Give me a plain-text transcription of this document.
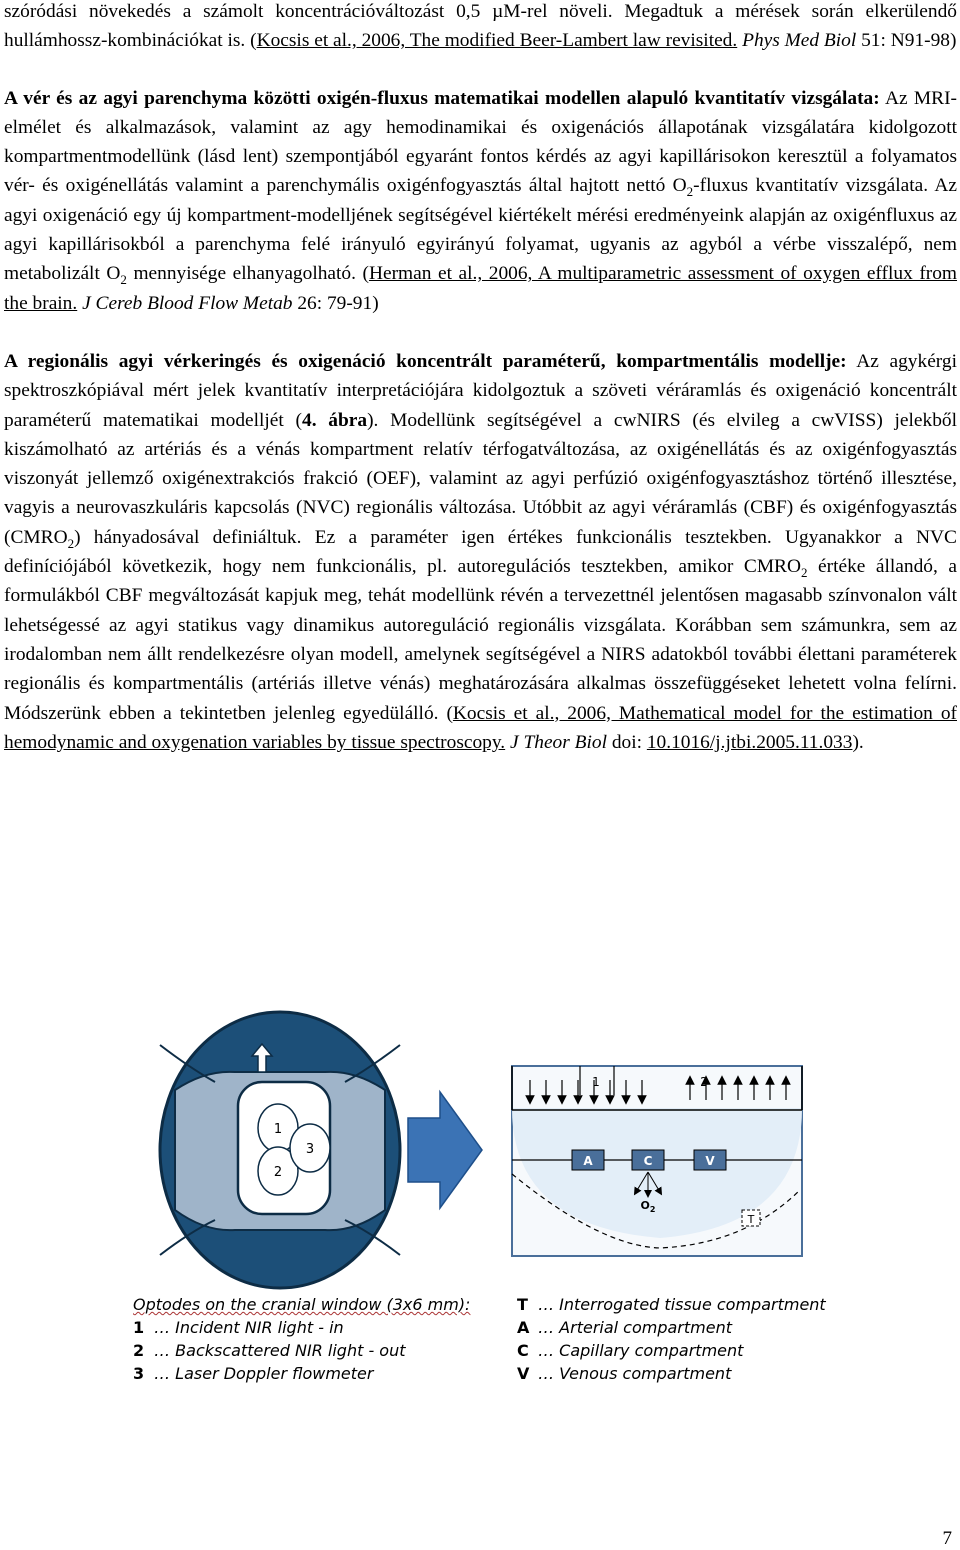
szóródási növekedés a számolt koncentrációváltozást 0,5 µM-rel növeli. Megadtuk a mérések során elkerülendő hullámhossz-kombinációkat is. (Kocsis et al., 2006, The modified Beer-Lambert law revisited. Phys Med Biol 51: N91-98)

A vér és az agyi parenchyma közötti oxigén-fluxus matematikai modellen alapuló kvantitatív vizsgálata: Az MRI-elmélet és alkalmazások, valamint az agy hemodinamikai és oxigenációs állapotának vizsgálatára kidolgozott kompartmentmodellünk (lásd lent) szempontjából egyaránt fontos kérdés az agyi kapillárisokon keresztül a folyamatos vér- és oxigénellátás valamint a parenchymális oxigénfogyasztás által hajtott nettó $O_2$-fluxus kvantitatív vizsgálata. Az agyi oxigenáció egy új kompartment-modelljének segítségével kiértékelt mérési eredményeink alapján az oxigénfluxus az agyi kapillárisokból a parenchyma felé irányuló egyirányú folyamat, ugyanis az agyból a vérbe visszalépő, nem metabolizált $O_2$ mennyisége elhanyagolható. (Herman et al., 2006, A multiparametric assessment of oxygen efflux from the brain. J Cereb Blood Flow Metab 26: 79-91)

A regionális agyi vérkeringés és oxigenáció koncentrált paraméterű, kompartmentális modellje: Az agykérgi spektroszkópiával mért jelek kvantitatív interpretációjára kidolgoztuk a szöveti véráramlás és oxigenáció koncentrált paraméterű matematikai modelljét (4. ábra). Modellünk segítségével a cwNIRS (és elvileg a cwVISS) jelekből kiszámolható az artériás és a vénás kompartment relatív térfogatváltozása, az oxigénellátás és az oxigénfogyasztás viszonyát jellemző oxigénextrakciós frakció (OEF), valamint az agyi perfúzió oxigénfogyasztáshoz történő illesztése, vagyis a neurovaszkuláris kapcsolás (NVC) regionális változása. Utóbbit az agyi véráramlás (CBF) és oxigénfogyasztás $(CMRO_2)$ hányadosával definiáltuk. Ez a paraméter igen értékes funkcionális tesztekben. Ugyanakkor a NVC definíciójából következik, hogy nem funkcionális, pl. autoregulációs tesztekben, amikor $CMRO_2$ értéke állandó, a formulákból CBF megváltozását kapjuk meg, tehát modellünk révén a tervezettnél jelentősen magasabb színvonalon vált lehetségessé az agyi statikus vagy dinamikus autoreguláció regionális vizsgálata. Korábban sem számunkra, sem az irodalomban nem állt rendelkezésre olyan modell, amelynek segítségével a NIRS adatokból további élettani paraméterek regionális és kompartmentális (artériás illetve vénás) meghatározására alkalmas összefüggéseket lehetett volna felírni. Módszerünk ebben a tekintetben jelenleg egyedülálló. (Kocsis et al., 2006, Mathematical model for the estimation of hemodynamic and oxygenation variables by tissue spectroscopy. J Theor Biol doi: 10.1016/j.jtbi.2005.11.033).

1
3
2
1	2
A	C	V
$O_2$
T
Optodes on the cranial window (3x6 mm):
1 … Incident NIR light - in
2 … Backscattered NIR light - out
3 … Laser Doppler flowmeter
T … Interrogated tissue compartment
A … Arterial compartment
C … Capillary compartment
V … Venous compartment
7
